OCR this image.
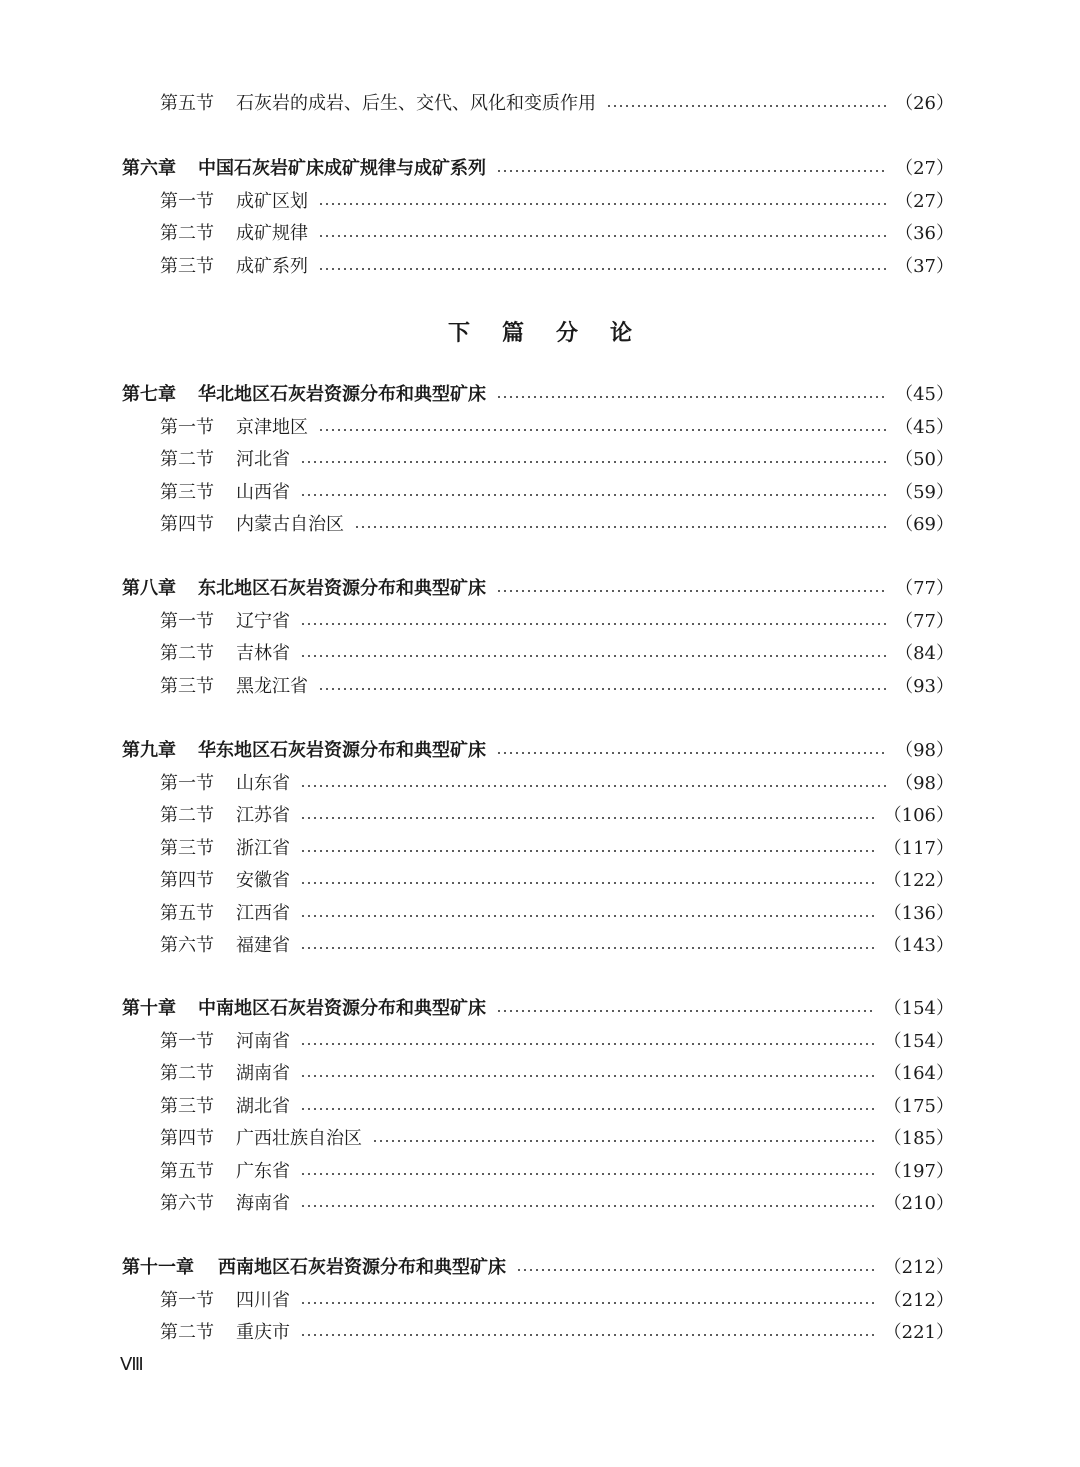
第五节	石灰岩的成岩、后生、交代、风化和变质作用	（26）
第六章	中国石灰岩矿床成矿规律与成矿系列	（27）
第一节	成矿区划	（27）
第二节	成矿规律	（36）
第三节	成矿系列	（37）
下篇分论
第七章	华北地区石灰岩资源分布和典型矿床	（45）
第一节	京津地区	（45）
第二节	河北省	（50）
第三节	山西省	（59）
第四节	内蒙古自治区	（69）
第八章	东北地区石灰岩资源分布和典型矿床	（77）
第一节	辽宁省	（77）
第二节	吉林省	（84）
第三节	黑龙江省	（93）
第九章	华东地区石灰岩资源分布和典型矿床	（98）
第一节	山东省	（98）
第二节	江苏省	（106）
第三节	浙江省	（117）
第四节	安徽省	（122）
第五节	江西省	（136）
第六节	福建省	（143）
第十章	中南地区石灰岩资源分布和典型矿床	（154）
第一节	河南省	（154）
第二节	湖南省	（164）
第三节	湖北省	（175）
第四节	广西壮族自治区	（185）
第五节	广东省	（197）
第六节	海南省	（210）
第十一章	西南地区石灰岩资源分布和典型矿床	（212）
第一节	四川省	（212）
第二节	重庆市	（221）
Ⅷ
